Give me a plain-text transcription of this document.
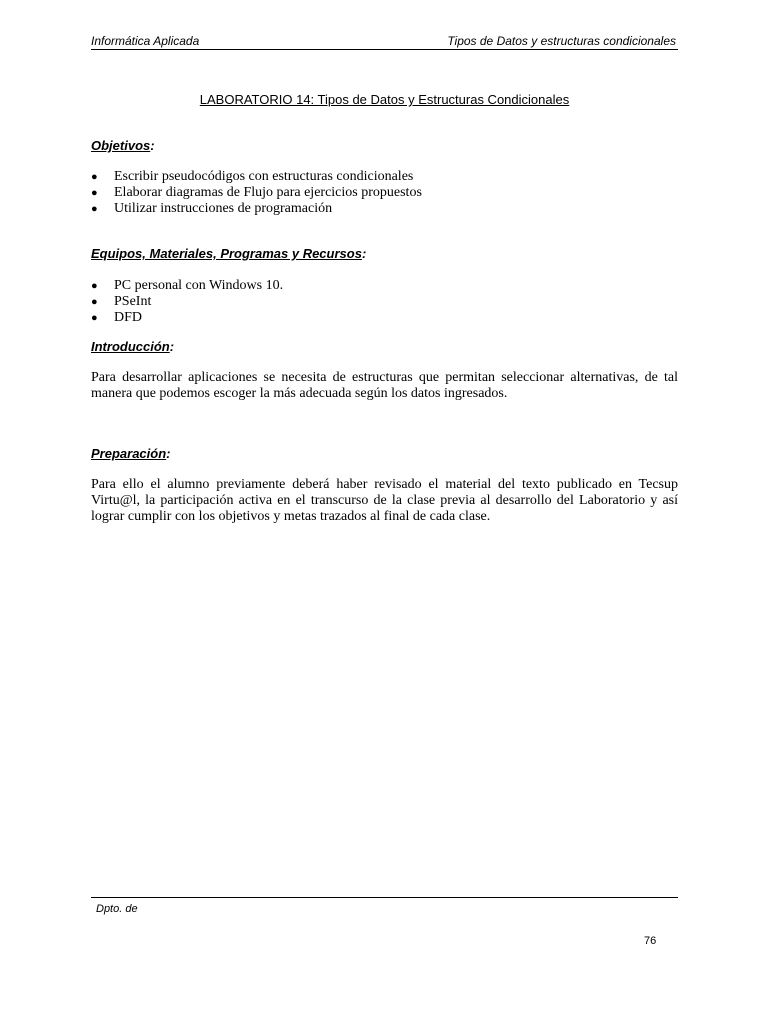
Informática Aplicada	Tipos de Datos y estructuras condicionales
LABORATORIO 14: Tipos de Datos y Estructuras Condicionales
Objetivos:
● Escribir pseudocódigos con estructuras condicionales
● Elaborar diagramas de Flujo para ejercicios propuestos
● Utilizar instrucciones de programación
Equipos, Materiales, Programas y Recursos:
● PC personal con Windows 10.
● PSeInt
● DFD
Introducción:

Para desarrollar aplicaciones se necesita de estructuras que permitan seleccionar alternativas, de tal manera que podemos escoger la más adecuada según los datos ingresados.

Preparación:

Para ello el alumno previamente deberá haber revisado el material del texto publicado en Tecsup Virtu@l, la participación activa en el transcurso de la clase previa al desarrollo del Laboratorio y así lograr cumplir con los objetivos y metas trazados al final de cada clase.

Dpto. de
76
